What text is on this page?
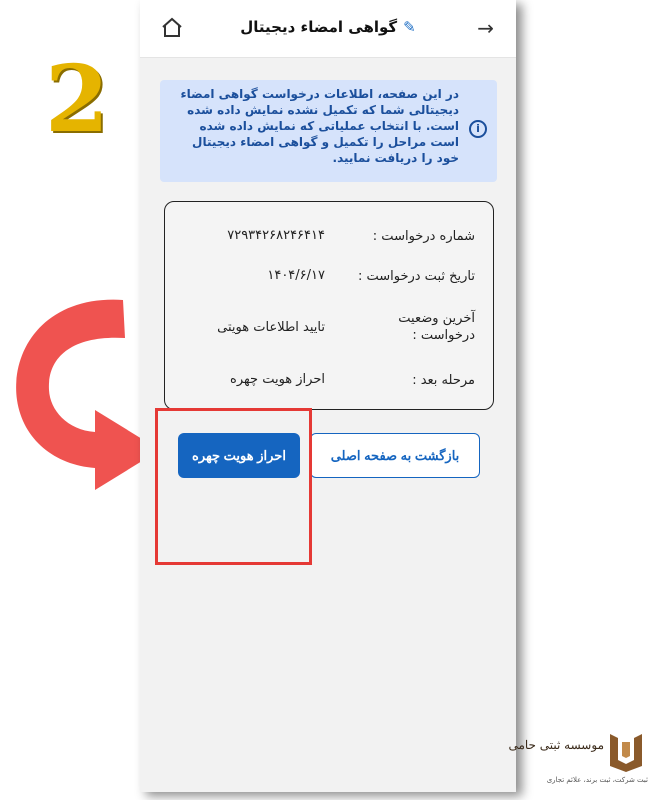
2
→
✎گواهی امضاء دیجیتال
i
در این صفحه، اطلاعات درخواست گواهی امضاء دیجیتالی شما که تکمیل نشده نمایش داده شده است. با انتخاب عملیاتی که نمایش داده شده است مراحل را تکمیل و گواهی امضاء دیجیتال خود را دریافت نمایید.
شماره درخواست :
۷۲۹۳۴۲۶۸۲۴۶۴۱۴
تاریخ ثبت درخواست :
۱۴۰۴/۶/۱۷
آخرین وضعیت درخواست :
تایید اطلاعات هویتی
مرحله بعد :
احراز هویت چهره
احراز هویت چهره	بازگشت به صفحه اصلی
موسسه ثبتی حامی
ثبت شرکت، ثبت برند، علائم تجاری
